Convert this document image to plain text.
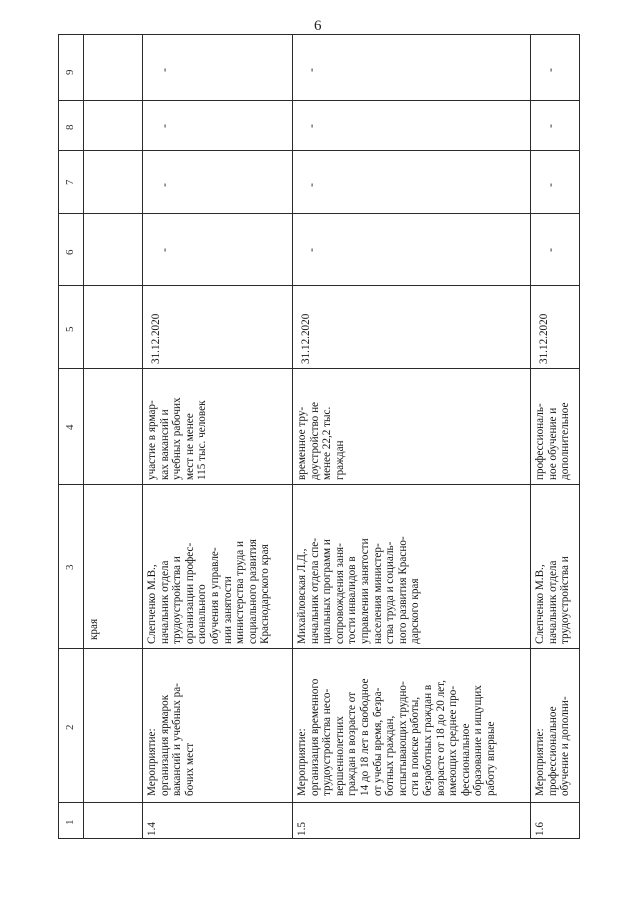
6
1
2
3
4
5
6
7
8
9
края
1.4
Мероприятие:
организация ярмарок
вакансий и учебных ра-
бочих мест
Слепченко М.В.,
начальник отдела
трудоустройства и
организации профес-
сионального
обучения в управле-
нии занятости
министерства труда и
социального развития
Краснодарского края
участие в ярмар-
ках вакансий и
учебных рабочих
мест не менее
115 тыс. человек
31.12.2020
-
-
-
-
1.5
Мероприятие:
организация временного
трудоустройства несо-
вершеннолетних
граждан в возрасте от
14 до 18 лет в свободное
от учебы время, безра-
ботных граждан,
испытывающих трудно-
сти в поиске работы,
безработных граждан в
возрасте от 18 до 20 лет,
имеющих среднее про-
фессиональное
образование и ищущих
работу впервые
Михайловская Л.Д.,
начальник отдела спе-
циальных программ и
сопровождения заня-
тости инвалидов в
управлении занятости
населения министер-
ства труда и социаль-
ного развития Красно-
дарского края
временное тру-
доустройство не
менее 22,2 тыс.
граждан
31.12.2020
-
-
-
-
1.6
Мероприятие:
профессиональное
обучение и дополни-
Слепченко М.В.,
начальник отдела
трудоустройства и
профессиональ-
ное обучение и
дополнительное
31.12.2020
-
-
-
-
